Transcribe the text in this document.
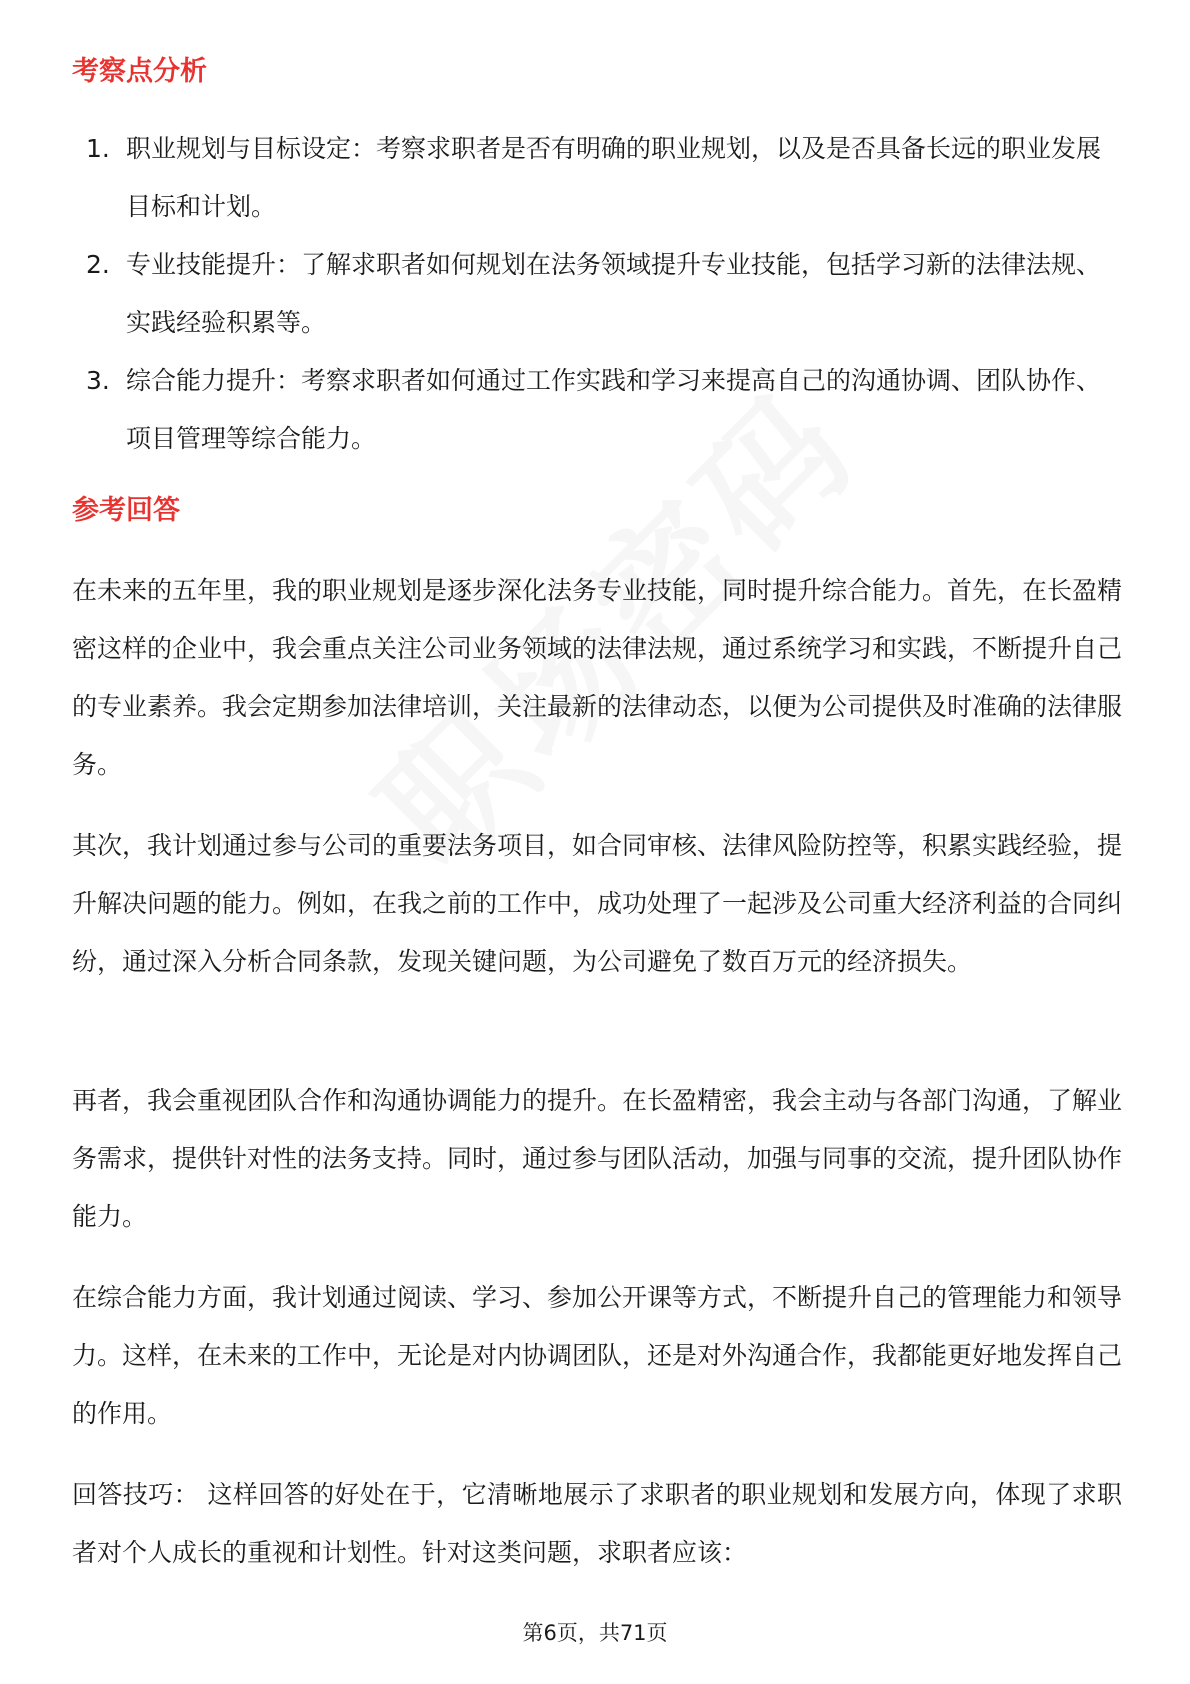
考察点分析
1. 职业规划与目标设定：考察求职者是否有明确的职业规划，以及是否具备长远的职业发展目标和计划。
2. 专业技能提升：了解求职者如何规划在法务领域提升专业技能，包括学习新的法律法规、实践经验积累等。
3. 综合能力提升：考察求职者如何通过工作实践和学习来提高自己的沟通协调、团队协作、项目管理等综合能力。
参考回答

在未来的五年里，我的职业规划是逐步深化法务专业技能，同时提升综合能力。首先，在长盈精密这样的企业中，我会重点关注公司业务领域的法律法规，通过系统学习和实践，不断提升自己的专业素养。我会定期参加法律培训，关注最新的法律动态，以便为公司提供及时准确的法律服务。

其次，我计划通过参与公司的重要法务项目，如合同审核、法律风险防控等，积累实践经验，提升解决问题的能力。例如，在我之前的工作中，成功处理了一起涉及公司重大经济利益的合同纠纷，通过深入分析合同条款，发现关键问题，为公司避免了数百万元的经济损失。

再者，我会重视团队合作和沟通协调能力的提升。在长盈精密，我会主动与各部门沟通，了解业务需求，提供针对性的法务支持。同时，通过参与团队活动，加强与同事的交流，提升团队协作能力。

在综合能力方面，我计划通过阅读、学习、参加公开课等方式，不断提升自己的管理能力和领导力。这样，在未来的工作中，无论是对内协调团队，还是对外沟通合作，我都能更好地发挥自己的作用。

回答技巧： 这样回答的好处在于，它清晰地展示了求职者的职业规划和发展方向，体现了求职者对个人成长的重视和计划性。针对这类问题，求职者应该：

第6页，共71页
